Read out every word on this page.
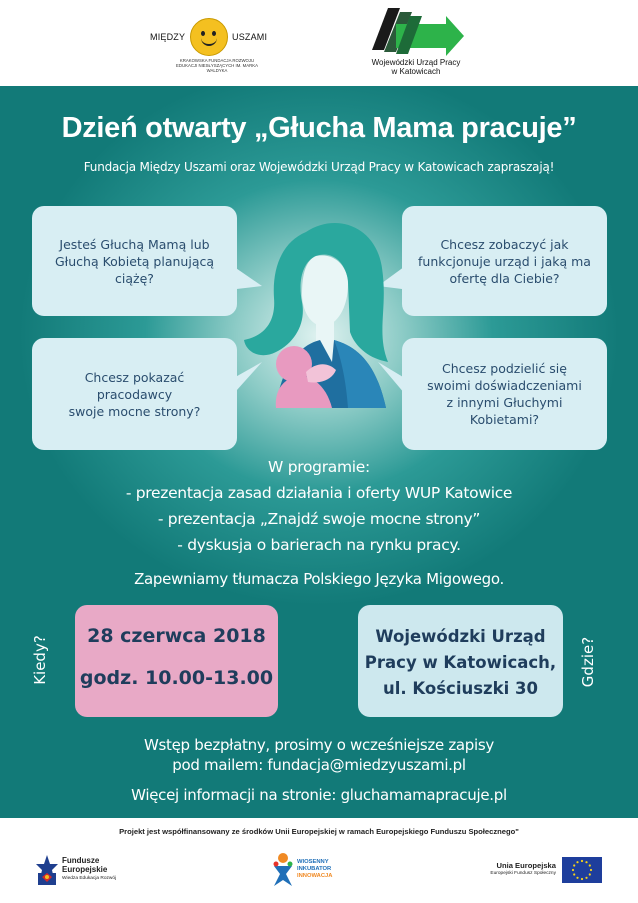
MIĘDZY	USZAMI
KRAKOWSKA FUNDACJA ROZWOJU EDUKACJI NIESŁYSZĄCYCH IM. MARKA WALDYKA
Wojewódzki Urząd Pracy
w Katowicach
Dzień otwarty „Głucha Mama pracuje”
Fundacja Między Uszami oraz Wojewódzki Urząd Pracy w Katowicach zapraszają!
Jesteś Głuchą Mamą lub
Głuchą Kobietą planującą
ciążę?
Chcesz zobaczyć jak
funkcjonuje urząd i jaką ma
ofertę dla Ciebie?
Chcesz pokazać
pracodawcy
swoje mocne strony?
Chcesz podzielić się
swoimi doświadczeniami
z innymi Głuchymi
Kobietami?
W programie:
- prezentacja zasad działania i oferty WUP Katowice
- prezentacja „Znajdź swoje mocne strony”
- dyskusja o barierach na rynku pracy.
Zapewniamy tłumacza Polskiego Języka Migowego.
Kiedy?	28 czerwca 2018
godz. 10.00-13.00
Wojewódzki Urząd
Pracy w Katowicach,
ul. Kościuszki 30
Gdzie?
Wstęp bezpłatny, prosimy o wcześniejsze zapisy
pod mailem: fundacja@miedzyuszami.pl
Więcej informacji na stronie: gluchamamapracuje.pl
Projekt jest współfinansowany ze środków Unii Europejskiej w ramach Europejskiego Funduszu Społecznego"
Fundusze
Europejskie
Wiedza Edukacja Rozwój
WIOSENNY
INKUBATOR
INNOWACJA
Unia Europejska
Europejski Fundusz Społeczny
